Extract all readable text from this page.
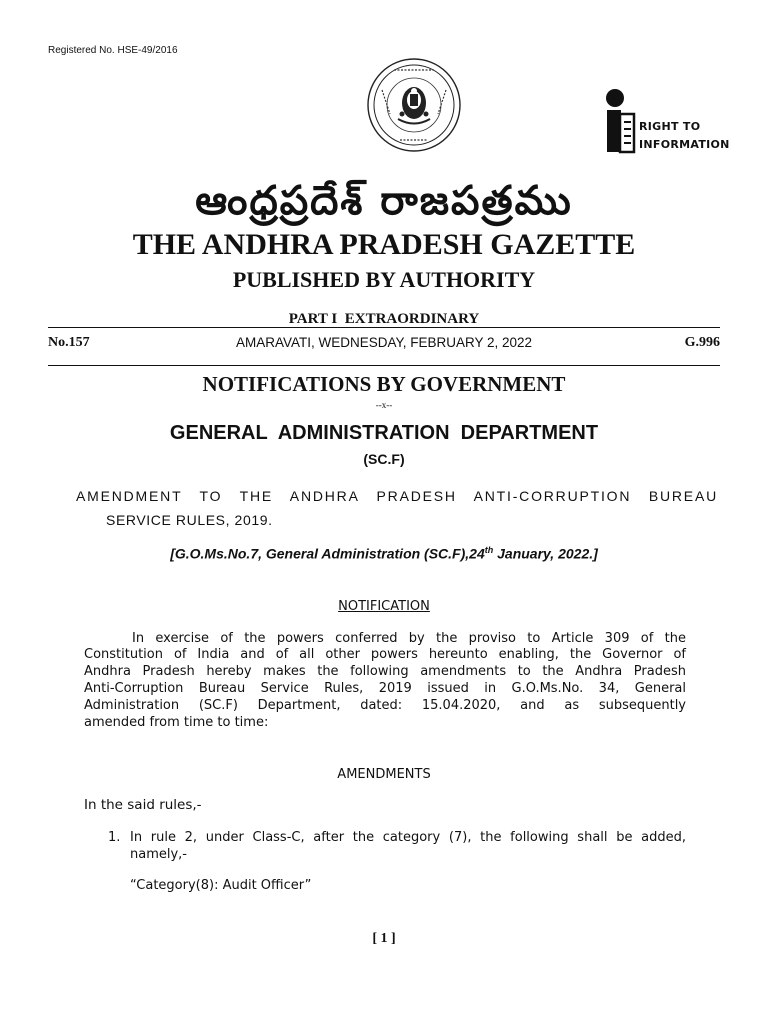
Registered No. HSE-49/2016
RIGHT TO
INFORMATION
ఆంధ్రప్రదేశ్ రాజపత్రము
THE ANDHRA PRADESH GAZETTE
PUBLISHED BY AUTHORITY
PART I  EXTRAORDINARY
No.157	AMARAVATI, WEDNESDAY, FEBRUARY 2, 2022	G.996
NOTIFICATIONS BY GOVERNMENT
--x--
GENERAL  ADMINISTRATION  DEPARTMENT
(SC.F)
AMENDMENT TO THE ANDHRA PRADESH ANTI-CORRUPTION BUREAU
SERVICE RULES, 2019.
[G.O.Ms.No.7, General Administration (SC.F),24th January, 2022.]
NOTIFICATION
In exercise of the powers conferred by the proviso to Article 309 of the
Constitution of India and of all other powers hereunto enabling, the Governor of
Andhra Pradesh hereby makes the following amendments to the Andhra Pradesh
Anti-Corruption Bureau Service Rules, 2019 issued in G.O.Ms.No. 34, General
Administration (SC.F) Department, dated: 15.04.2020, and as subsequently
amended from time to time:
AMENDMENTS
In the said rules,-
1. In rule 2, under Class-C, after the category (7), the following shall be added,
namely,-
“Category(8): Audit Officer”
[ 1 ]
